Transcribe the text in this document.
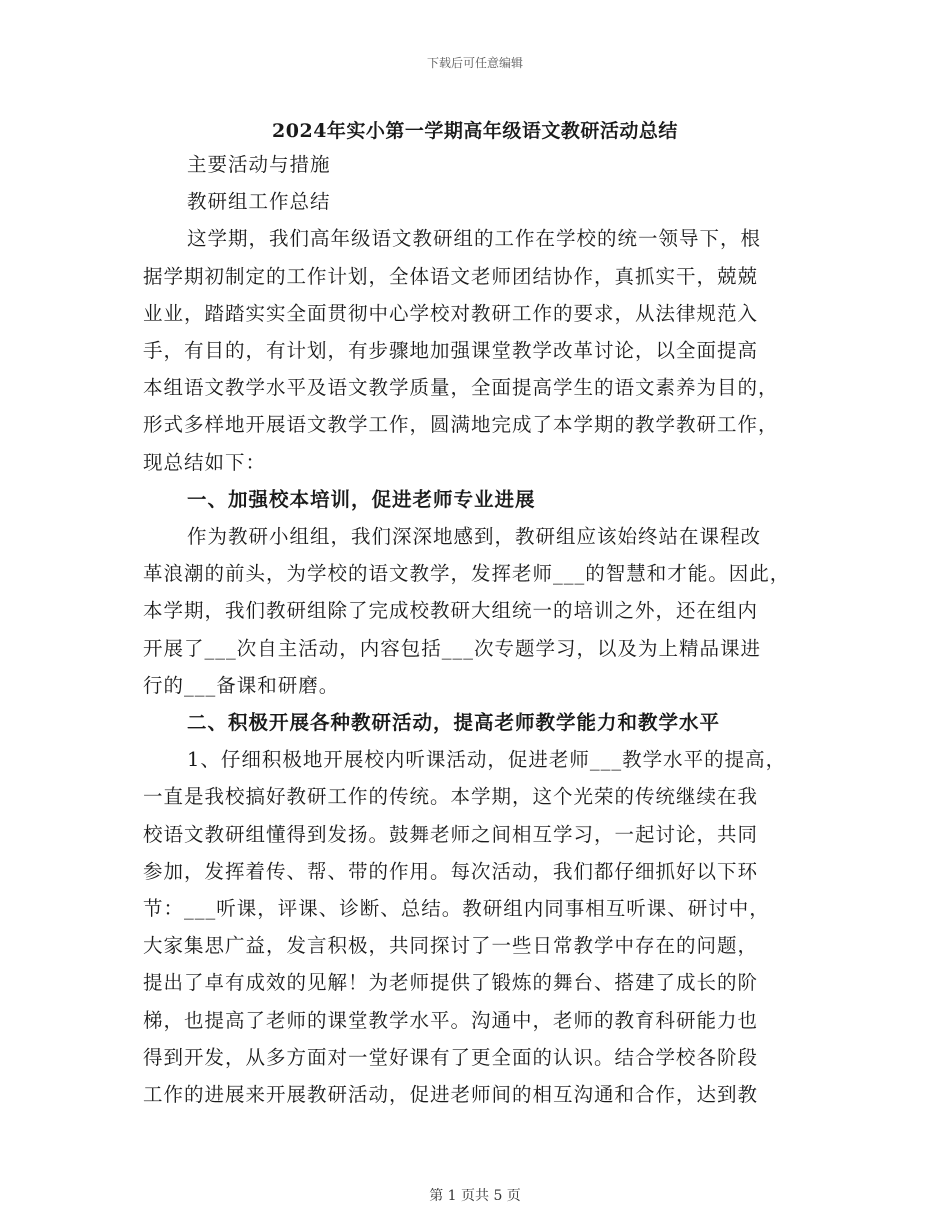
下载后可任意编辑
2024年实小第一学期高年级语文教研活动总结

主要活动与措施

教研组工作总结

这学期，我们高年级语文教研组的工作在学校的统一领导下，根

据学期初制定的工作计划，全体语文老师团结协作，真抓实干，兢兢

业业，踏踏实实全面贯彻中心学校对教研工作的要求，从法律规范入

手，有目的，有计划，有步骤地加强课堂教学改革讨论，以全面提高

本组语文教学水平及语文教学质量，全面提高学生的语文素养为目的，

形式多样地开展语文教学工作，圆满地完成了本学期的教学教研工作，

现总结如下：

一、加强校本培训，促进老师专业进展

作为教研小组组，我们深深地感到，教研组应该始终站在课程改

革浪潮的前头，为学校的语文教学，发挥老师___的智慧和才能。因此，

本学期，我们教研组除了完成校教研大组统一的培训之外，还在组内

开展了___次自主活动，内容包括___次专题学习，以及为上精品课进

行的___备课和研磨。

二、积极开展各种教研活动，提高老师教学能力和教学水平

1、仔细积极地开展校内听课活动，促进老师___教学水平的提高，

一直是我校搞好教研工作的传统。本学期，这个光荣的传统继续在我

校语文教研组懂得到发扬。鼓舞老师之间相互学习，一起讨论，共同

参加，发挥着传、帮、带的作用。每次活动，我们都仔细抓好以下环

节：___听课，评课、诊断、总结。教研组内同事相互听课、研讨中，

大家集思广益，发言积极，共同探讨了一些日常教学中存在的问题，

提出了卓有成效的见解！为老师提供了锻炼的舞台、搭建了成长的阶

梯，也提高了老师的课堂教学水平。沟通中，老师的教育科研能力也

得到开发，从多方面对一堂好课有了更全面的认识。结合学校各阶段

工作的进展来开展教研活动，促进老师间的相互沟通和合作，达到教

第 1 页共 5 页
